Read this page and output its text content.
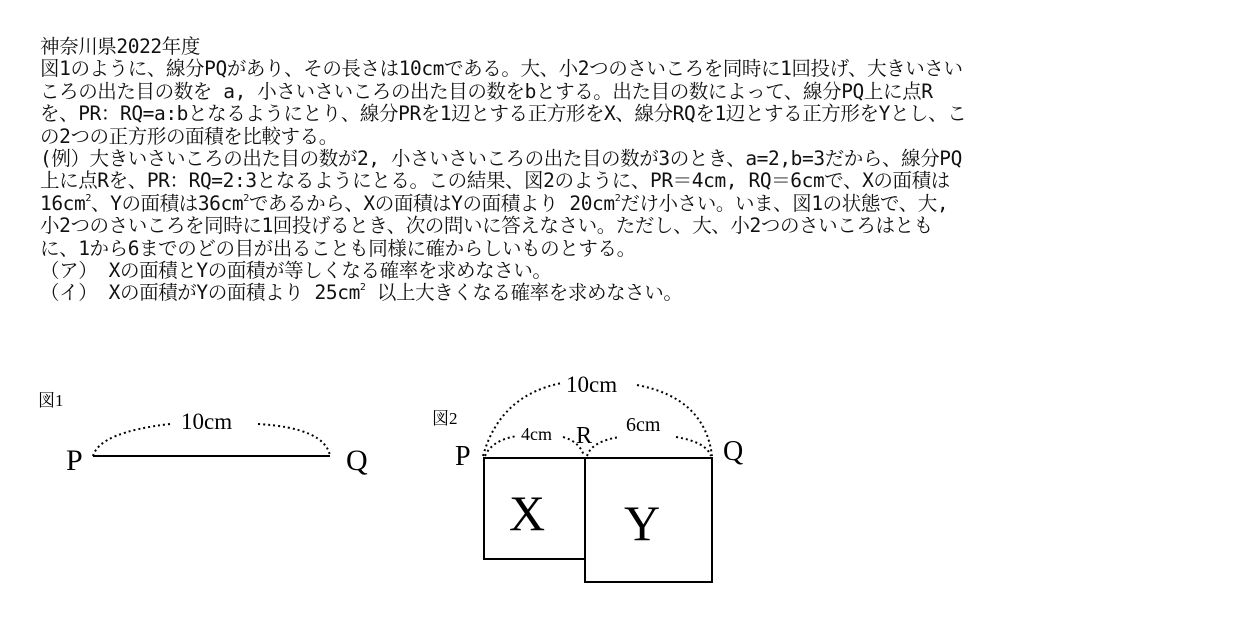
神奈川県2022年度
図1のように、線分PQがあり、その長さは10cmである。大、小2つのさいころを同時に1回投げ、大きいさい
ころの出た目の数を a, 小さいさいころの出た目の数をbとする。出た目の数によって、線分PQ上に点R
を、PR：RQ=a:bとなるようにとり、線分PRを1辺とする正方形をX、線分RQを1辺とする正方形をYとし、こ
の2つの正方形の面積を比較する。
(例）大きいさいころの出た目の数が2, 小さいさいころの出た目の数が3のとき、a=2,b=3だから、線分PQ
上に点Rを、PR：RQ=2:3となるようにとる。この結果、図2のように、PR＝4cm, RQ＝6cmで、Xの面積は
$16cm^2$、Yの面積は$36cm^2$であるから、Xの面積はYの面積より $20cm^2$だけ小さい。いま、図1の状態で、大,
小2つのさいころを同時に1回投げるとき、次の問いに答えなさい。ただし、大、小2つのさいころはとも
に、1から6までのどの目が出ることも同様に確からしいものとする。
（ア） Xの面積とYの面積が等しくなる確率を求めなさい。
（イ） Xの面積がYの面積より $25cm^2$ 以上大きくなる確率を求めなさい。
図1
P	Q
10cm	図2
P
R	Q
10cm
4cm	6cm
X Y
